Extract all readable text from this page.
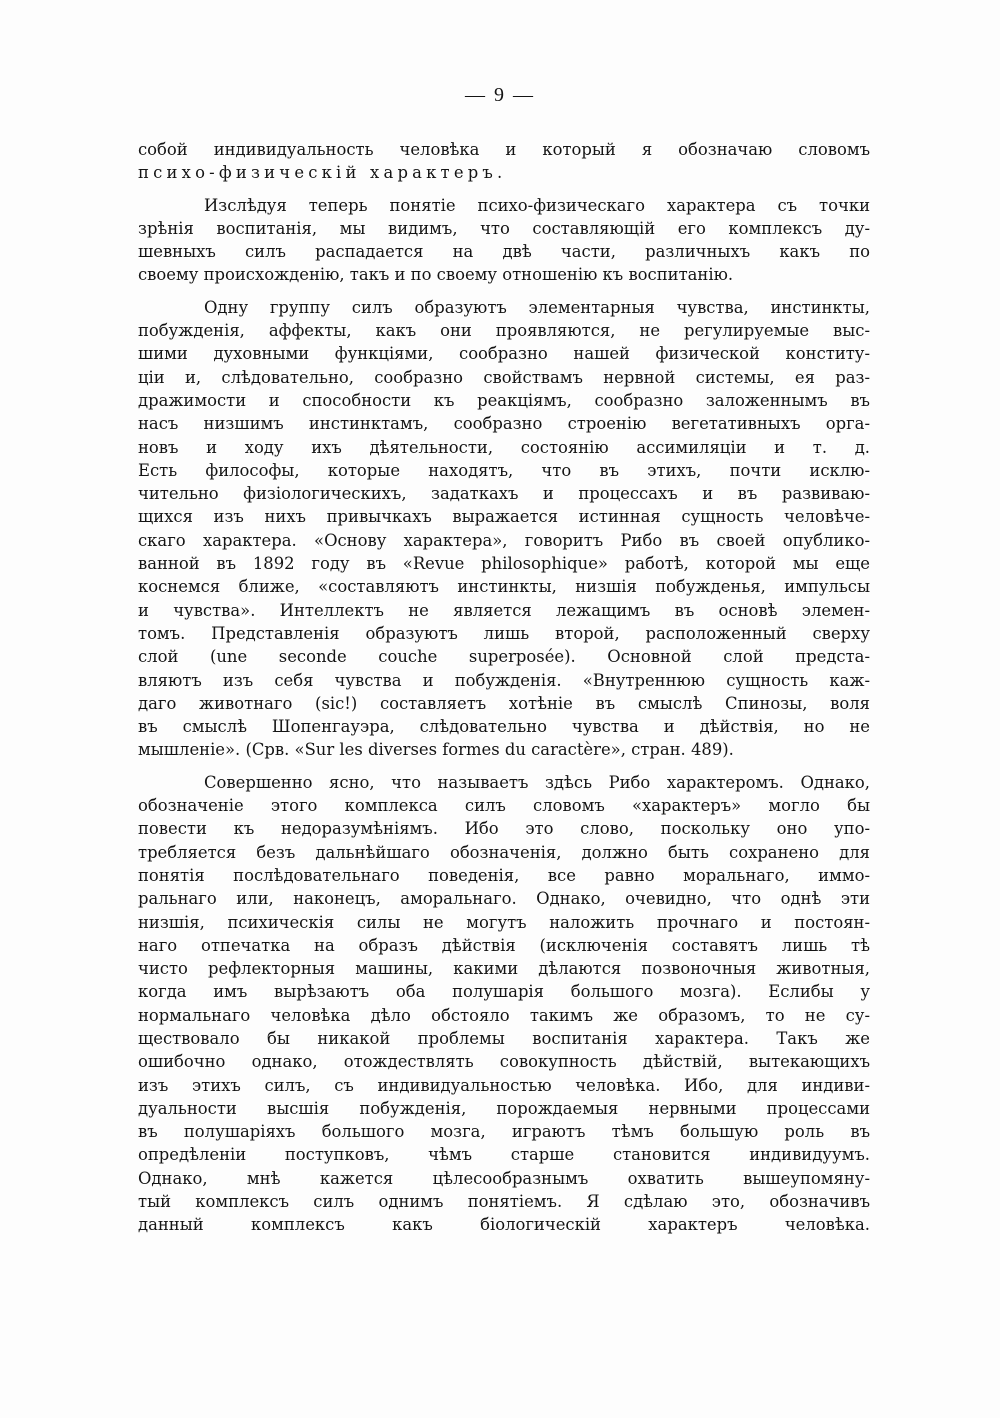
— 9 —
собой индивидуальность человѣка и который я обозначаю словомъ
психо-физическій характеръ.
Изслѣдуя теперь понятіе психо-физическаго характера съ точки
зрѣнія воспитанія, мы видимъ, что составляющій его комплексъ ду-
шевныхъ силъ распадается на двѣ части, различныхъ какъ по
своему происхожденію, такъ и по своему отношенію къ воспитанію.
Одну группу силъ образуютъ элементарныя чувства, инстинкты,
побужденія, аффекты, какъ они проявляются, не регулируемые выс-
шими духовными функціями, сообразно нашей физической конститу-
ціи и, слѣдовательно, сообразно свойствамъ нервной системы, ея раз-
дражимости и способности къ реакціямъ, сообразно заложеннымъ въ
насъ низшимъ инстинктамъ, сообразно строенію вегетативныхъ орга-
новъ и ходу ихъ дѣятельности, состоянію ассимиляціи и т. д.
Есть философы, которые находятъ, что въ этихъ, почти исклю-
чительно физіологическихъ, задаткахъ и процессахъ и въ развиваю-
щихся изъ нихъ привычкахъ выражается истинная сущность человѣче-
скаго характера. «Основу характера», говоритъ Рибо въ своей опублико-
ванной въ 1892 году въ «Revue philosophique» работѣ, которой мы еще
коснемся ближе, «составляютъ инстинкты, низшія побужденья, импульсы
и чувства». Интеллектъ не является лежащимъ въ основѣ элемен-
томъ. Представленія образуютъ лишь второй, расположенный сверху
слой (une seconde couche superposée). Основной слой предста-
вляютъ изъ себя чувства и побужденія. «Внутреннюю сущность каж-
даго животнаго (sic!) составляетъ хотѣніе въ смыслѣ Спинозы, воля
въ смыслѣ Шопенгауэра, слѣдовательно чувства и дѣйствія, но не
мышленіе». (Срв. «Sur les diverses formes du caractère», стран. 489).
Совершенно ясно, что называетъ здѣсь Рибо характеромъ. Однако,
обозначеніе этого комплекса силъ словомъ «характеръ» могло бы
повести къ недоразумѣніямъ. Ибо это слово, поскольку оно упо-
требляется безъ дальнѣйшаго обозначенія, должно быть сохранено для
понятія послѣдовательнаго поведенія, все равно моральнаго, иммо-
ральнаго или, наконецъ, аморальнаго. Однако, очевидно, что однѣ эти
низшія, психическія силы не могутъ наложить прочнаго и постоян-
наго отпечатка на образъ дѣйствія (исключенія составятъ лишь тѣ
чисто рефлекторныя машины, какими дѣлаются позвоночныя животныя,
когда имъ вырѣзаютъ оба полушарія большого мозга). Еслибы у
нормальнаго человѣка дѣло обстояло такимъ же образомъ, то не су-
ществовало бы никакой проблемы воспитанія характера. Такъ же
ошибочно однако, отождествлять совокупность дѣйствій, вытекающихъ
изъ этихъ силъ, съ индивидуальностью человѣка. Ибо, для индиви-
дуальности высшія побужденія, порождаемыя нервными процессами
въ полушаріяхъ большого мозга, играютъ тѣмъ большую роль въ
опредѣленіи поступковъ, чѣмъ старше становится индивидуумъ.
Однако, мнѣ кажется цѣлесообразнымъ охватить вышеупомяну-
тый комплексъ силъ однимъ понятіемъ. Я сдѣлаю это, обозначивъ
данный комплексъ какъ біологическій характеръ человѣка.
